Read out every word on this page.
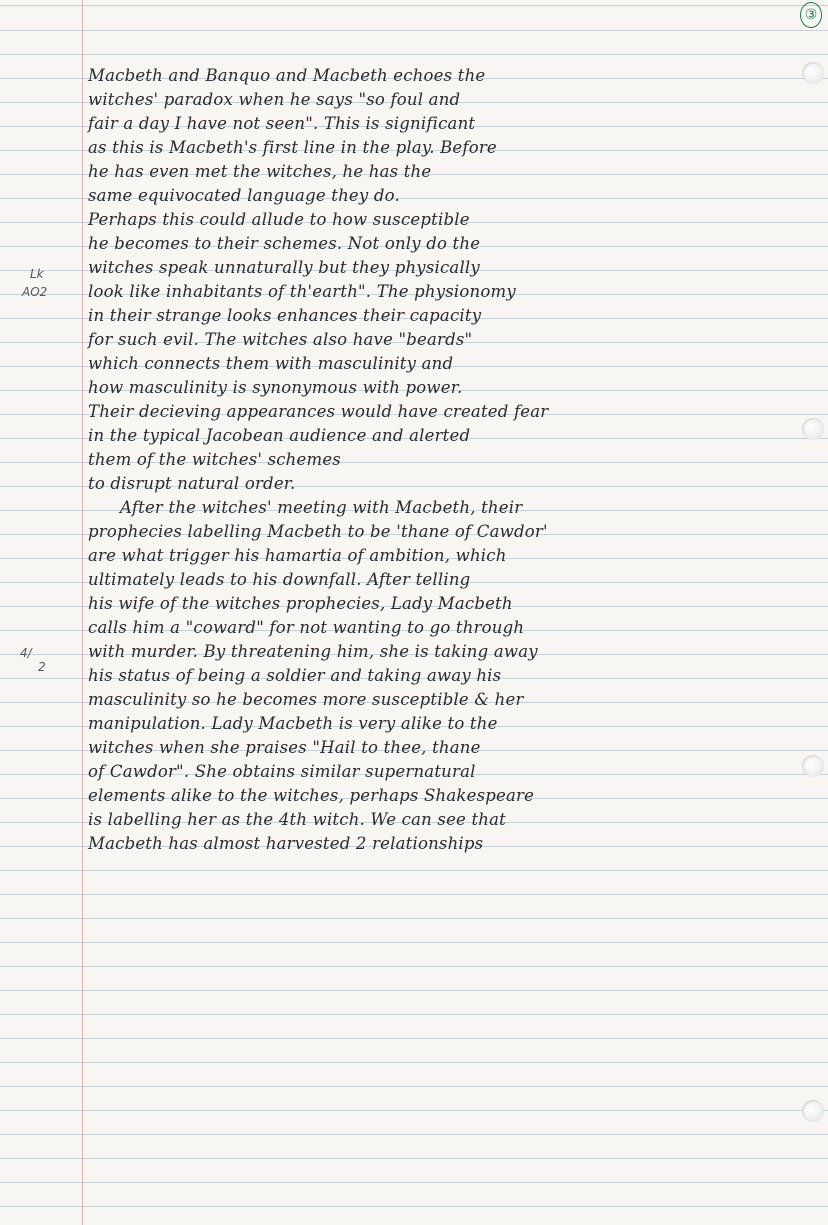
③
Lk
AO2
4/
2
Macbeth and Banquo and Macbeth echoes the
witches' paradox when he says "so foul and
fair a day I have not seen". This is significant
as this is Macbeth's first line in the play. Before
he has even met the witches, he has the
same equivocated language they do.
Perhaps this could allude to how susceptible
he becomes to their schemes. Not only do the
witches speak unnaturally but they physically
look like inhabitants of th'earth". The physionomy
in their strange looks enhances their capacity
for such evil. The witches also have "beards"
which connects them with masculinity and
how masculinity is synonymous with power.
Their decieving appearances would have created fear
in the typical Jacobean audience and alerted
them of the witches' schemes
to disrupt natural order.
After the witches' meeting with Macbeth, their
prophecies labelling Macbeth to be 'thane of Cawdor'
are what trigger his hamartia of ambition, which
ultimately leads to his downfall. After telling
his wife of the witches prophecies, Lady Macbeth
calls him a "coward" for not wanting to go through
with murder. By threatening him, she is taking away
his status of being a soldier and taking away his
masculinity so he becomes more susceptible & her
manipulation. Lady Macbeth is very alike to the
witches when she praises "Hail to thee, thane
of Cawdor". She obtains similar supernatural
elements alike to the witches, perhaps Shakespeare
is labelling her as the 4th witch. We can see that
Macbeth has almost harvested 2 relationships
